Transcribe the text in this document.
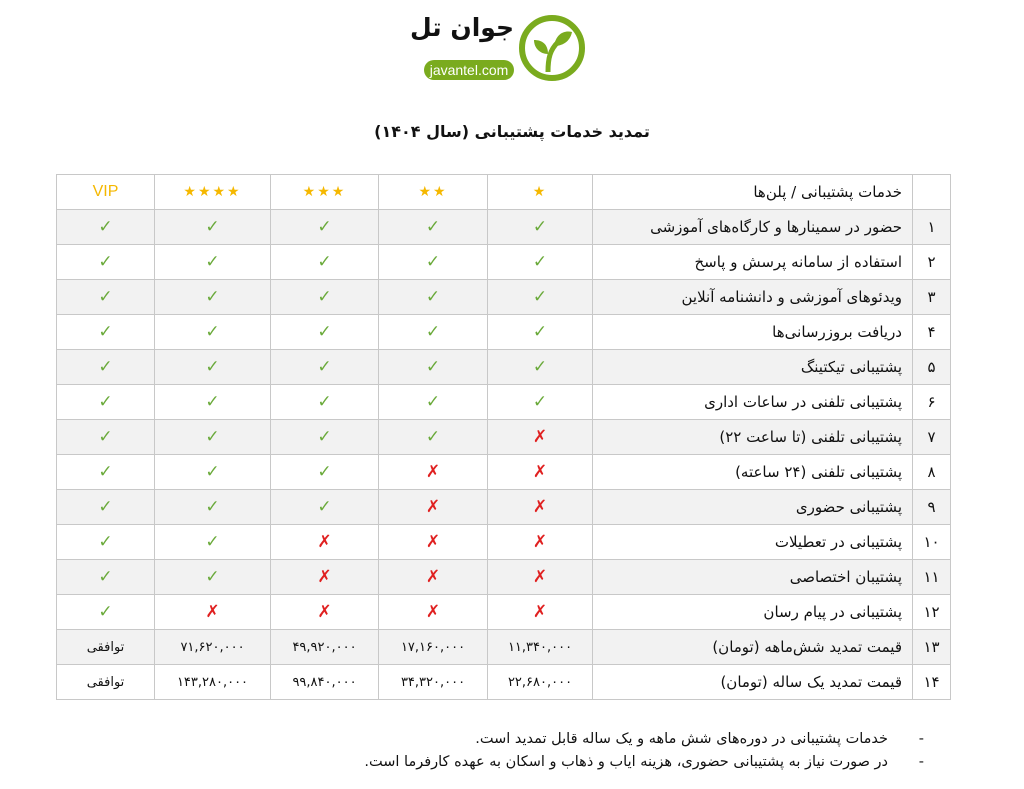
جوان تل
javantel.com
تمدید خدمات پشتیبانی (سال ۱۴۰۴)
	خدمات پشتیبانی / پلن‌ها	★	★★	★★★	★★★★	VIP
۱	حضور در سمینارها و کارگاه‌های آموزشی	✓	✓	✓	✓	✓
۲	استفاده از سامانه پرسش و پاسخ	✓	✓	✓	✓	✓
۳	ویدئوهای آموزشی و دانشنامه آنلاین	✓	✓	✓	✓	✓
۴	دریافت بروزرسانی‌ها	✓	✓	✓	✓	✓
۵	پشتیبانی تیکتینگ	✓	✓	✓	✓	✓
۶	پشتیبانی تلفنی در ساعات اداری	✓	✓	✓	✓	✓
۷	پشتیبانی تلفنی (تا ساعت ۲۲)	✗	✓	✓	✓	✓
۸	پشتیبانی تلفنی (۲۴ ساعته)	✗	✗	✓	✓	✓
۹	پشتیبانی حضوری	✗	✗	✓	✓	✓
۱۰	پشتیبانی در تعطیلات	✗	✗	✗	✓	✓
۱۱	پشتیبان اختصاصی	✗	✗	✗	✓	✓
۱۲	پشتیبانی در پیام رسان	✗	✗	✗	✗	✓
۱۳	قیمت تمدید شش‌ماهه (تومان)	۱۱,۳۴۰,۰۰۰	۱۷,۱۶۰,۰۰۰	۴۹,۹۲۰,۰۰۰	۷۱,۶۲۰,۰۰۰	توافقی
۱۴	قیمت تمدید یک ساله (تومان)	۲۲,۶۸۰,۰۰۰	۳۴,۳۲۰,۰۰۰	۹۹,۸۴۰,۰۰۰	۱۴۳,۲۸۰,۰۰۰	توافقی
- خدمات پشتیبانی در دوره‌های شش ماهه و یک ساله قابل تمدید است.
- در صورت نیاز به پشتیبانی حضوری، هزینه ایاب و ذهاب و اسکان به عهده کارفرما است.
